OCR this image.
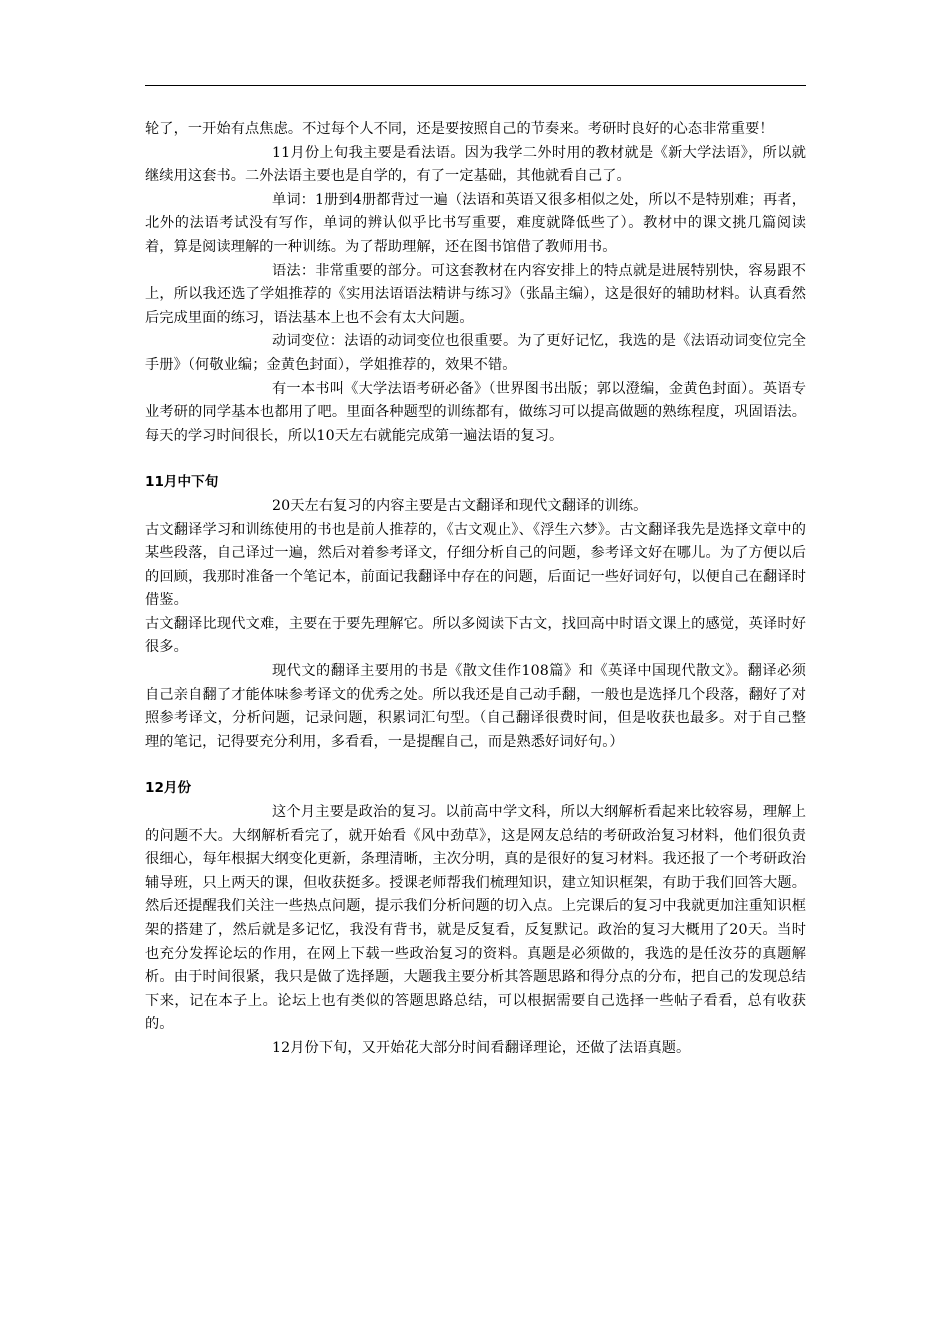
轮了，一开始有点焦虑。不过每个人不同，还是要按照自己的节奏来。考研时良好的心态非常重要！

11月份上旬我主要是看法语。因为我学二外时用的教材就是《新大学法语》，所以就继续用这套书。二外法语主要也是自学的，有了一定基础，其他就看自己了。

单词：1册到4册都背过一遍（法语和英语又很多相似之处，所以不是特别难；再者，北外的法语考试没有写作，单词的辨认似乎比书写重要，难度就降低些了）。教材中的课文挑几篇阅读着，算是阅读理解的一种训练。为了帮助理解，还在图书馆借了教师用书。

语法：非常重要的部分。可这套教材在内容安排上的特点就是进展特别快，容易跟不上，所以我还选了学姐推荐的《实用法语语法精讲与练习》（张晶主编），这是很好的辅助材料。认真看然后完成里面的练习，语法基本上也不会有太大问题。

动词变位：法语的动词变位也很重要。为了更好记忆，我选的是《法语动词变位完全手册》（何敬业编；金黄色封面），学姐推荐的，效果不错。

有一本书叫《大学法语考研必备》（世界图书出版；郭以澄编，金黄色封面）。英语专业考研的同学基本也都用了吧。里面各种题型的训练都有，做练习可以提高做题的熟练程度，巩固语法。每天的学习时间很长，所以10天左右就能完成第一遍法语的复习。

11月中下旬

20天左右复习的内容主要是古文翻译和现代文翻译的训练。

古文翻译学习和训练使用的书也是前人推荐的，《古文观止》、《浮生六梦》。古文翻译我先是选择文章中的某些段落，自己译过一遍，然后对着参考译文，仔细分析自己的问题，参考译文好在哪儿。为了方便以后的回顾，我那时准备一个笔记本，前面记我翻译中存在的问题，后面记一些好词好句，以便自己在翻译时借鉴。

古文翻译比现代文难，主要在于要先理解它。所以多阅读下古文，找回高中时语文课上的感觉，英译时好很多。

现代文的翻译主要用的书是《散文佳作108篇》和《英译中国现代散文》。翻译必须自己亲自翻了才能体味参考译文的优秀之处。所以我还是自己动手翻，一般也是选择几个段落，翻好了对照参考译文，分析问题，记录问题，积累词汇句型。（自己翻译很费时间，但是收获也最多。对于自己整理的笔记，记得要充分利用，多看看，一是提醒自己，而是熟悉好词好句。）

12月份

这个月主要是政治的复习。以前高中学文科，所以大纲解析看起来比较容易，理解上的问题不大。大纲解析看完了，就开始看《风中劲草》，这是网友总结的考研政治复习材料，他们很负责很细心，每年根据大纲变化更新，条理清晰，主次分明，真的是很好的复习材料。我还报了一个考研政治辅导班，只上两天的课，但收获挺多。授课老师帮我们梳理知识，建立知识框架，有助于我们回答大题。然后还提醒我们关注一些热点问题，提示我们分析问题的切入点。上完课后的复习中我就更加注重知识框架的搭建了，然后就是多记忆，我没有背书，就是反复看，反复默记。政治的复习大概用了20天。当时也充分发挥论坛的作用，在网上下载一些政治复习的资料。真题是必须做的，我选的是任汝芬的真题解析。由于时间很紧，我只是做了选择题，大题我主要分析其答题思路和得分点的分布，把自己的发现总结下来，记在本子上。论坛上也有类似的答题思路总结，可以根据需要自己选择一些帖子看看，总有收获的。

12月份下旬，又开始花大部分时间看翻译理论，还做了法语真题。
